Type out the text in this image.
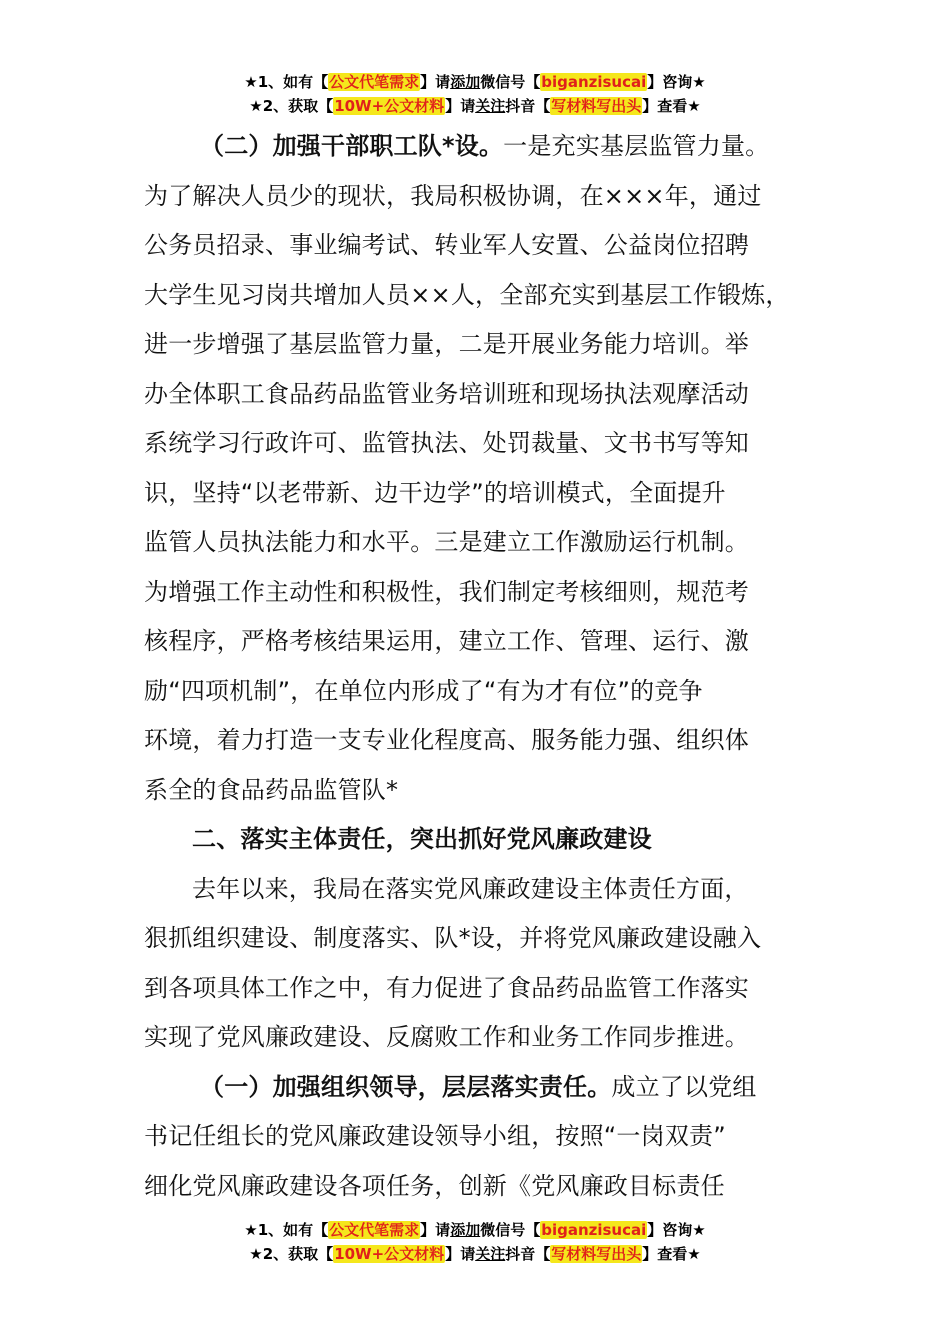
★1、如有【公文代笔需求】请添加微信号【biganzisucai】咨询★
★2、获取【10W+公文材料】请关注抖音【写材料写出头】查看★
（二）加强干部职工队*设。一是充实基层监管力量。
为了解决人员少的现状，我局积极协调，在×××年，通过
公务员招录、事业编考试、转业军人安置、公益岗位招聘
大学生见习岗共增加人员××人，全部充实到基层工作锻炼，
进一步增强了基层监管力量，二是开展业务能力培训。举
办全体职工食品药品监管业务培训班和现场执法观摩活动
系统学习行政许可、监管执法、处罚裁量、文书书写等知
识，坚持“以老带新、边干边学”的培训模式，全面提升
监管人员执法能力和水平。三是建立工作激励运行机制。
为增强工作主动性和积极性，我们制定考核细则，规范考
核程序，严格考核结果运用，建立工作、管理、运行、激
励“四项机制”，在单位内形成了“有为才有位”的竞争
环境，着力打造一支专业化程度高、服务能力强、组织体
系全的食品药品监管队*
二、落实主体责任，突出抓好党风廉政建设
去年以来，我局在落实党风廉政建设主体责任方面，
狠抓组织建设、制度落实、队*设，并将党风廉政建设融入
到各项具体工作之中，有力促进了食品药品监管工作落实
实现了党风廉政建设、反腐败工作和业务工作同步推进。
（一）加强组织领导，层层落实责任。成立了以党组
书记任组长的党风廉政建设领导小组，按照“一岗双责”
细化党风廉政建设各项任务，创新《党风廉政目标责任
★1、如有【公文代笔需求】请添加微信号【biganzisucai】咨询★
★2、获取【10W+公文材料】请关注抖音【写材料写出头】查看★
